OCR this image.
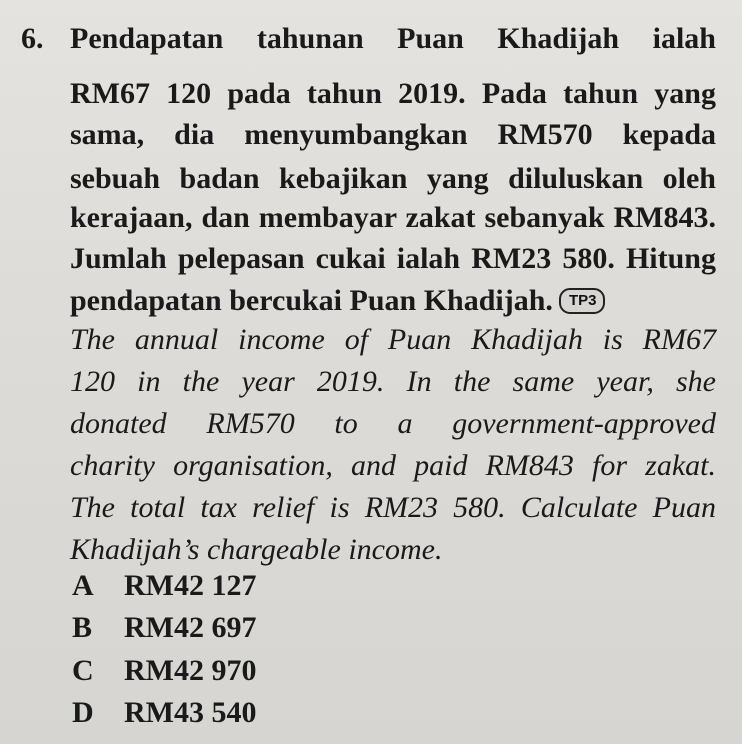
6. Pendapatan tahunan Puan Khadijah ialah
RM67 120 pada tahun 2019. Pada tahun yang
sama, dia menyumbangkan RM570 kepada
sebuah badan kebajikan yang diluluskan oleh
kerajaan, dan membayar zakat sebanyak RM843.
Jumlah pelepasan cukai ialah RM23 580. Hitung
pendapatan bercukai Puan Khadijah. TP3
The annual income of Puan Khadijah is RM67
120 in the year 2019. In the same year, she
donated RM570 to a government-approved
charity organisation, and paid RM843 for zakat.
The total tax relief is RM23 580. Calculate Puan
Khadijah’s chargeable income.
A RM42 127
B RM42 697
C RM42 970
D RM43 540
